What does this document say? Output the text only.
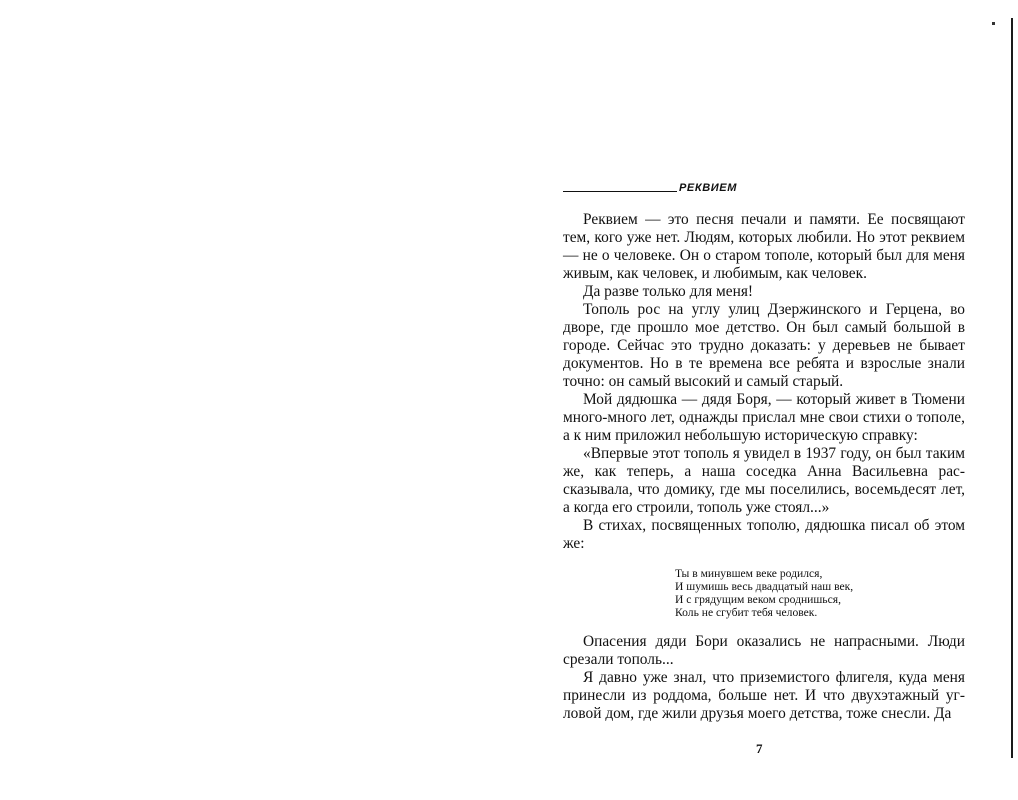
РЕКВИЕМ

Реквием — это песня печали и памяти. Ее посвящают тем, кого уже нет. Людям, которых любили. Но этот реквием — не о человеке. Он о старом тополе, который был для меня живым, как человек, и любимым, как человек.

Да разве только для меня!

Тополь рос на углу улиц Дзержинского и Герцена, во дворе, где прошло мое детство. Он был самый большой в городе. Сейчас это трудно доказать: у деревьев не бывает документов. Но в те времена все ребята и взрослые знали точно: он самый высокий и самый старый.

Мой дядюшка — дядя Боря, — который живет в Тюмени много-много лет, однажды прислал мне свои стихи о тополе, а к ним приложил небольшую историческую справку:

«Впервые этот тополь я увидел в 1937 году, он был таким же, как теперь, а наша соседка Анна Васильевна рассказывала, что домику, где мы поселились, восемьдесят лет, а когда его строили, тополь уже стоял...»

В стихах, посвященных тополю, дядюшка писал об этом же:

Ты в минувшем веке родился,
И шумишь весь двадцатый наш век,
И с грядущим веком сроднишься,
Коль не сгубит тебя человек.

Опасения дяди Бори оказались не напрасными. Люди срезали тополь...

Я давно уже знал, что приземистого флигеля, куда меня принесли из роддома, больше нет. И что двухэтажный угловой дом, где жили друзья моего детства, тоже снесли. Да

7
